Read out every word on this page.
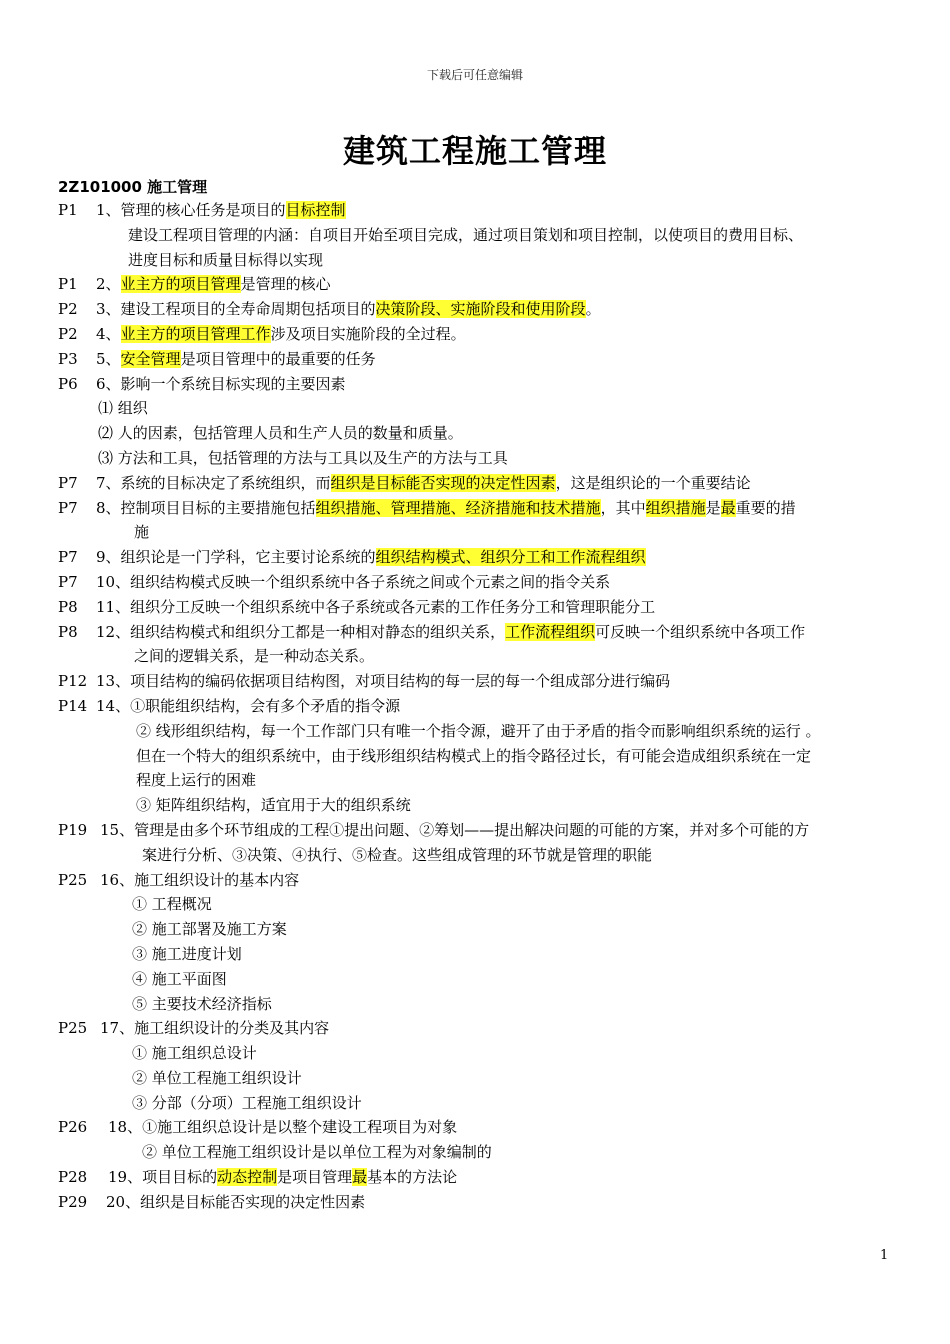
下载后可任意编辑
建筑工程施工管理
2Z101000 施工管理
P1 1、管理的核心任务是项目的目标控制
建设工程项目管理的内涵：自项目开始至项目完成，通过项目策划和项目控制，以使项目的费用目标、
进度目标和质量目标得以实现
P1 2、业主方的项目管理是管理的核心
P2 3、建设工程项目的全寿命周期包括项目的决策阶段、实施阶段和使用阶段。
P2 4、业主方的项目管理工作涉及项目实施阶段的全过程。
P3 5、安全管理是项目管理中的最重要的任务
P6 6、影响一个系统目标实现的主要因素
⑴ 组织
⑵ 人的因素，包括管理人员和生产人员的数量和质量。
⑶ 方法和工具，包括管理的方法与工具以及生产的方法与工具
P7 7、系统的目标决定了系统组织，而组织是目标能否实现的决定性因素，这是组织论的一个重要结论
P7 8、控制项目目标的主要措施包括组织措施、管理措施、经济措施和技术措施，其中组织措施是最重要的措
施
P7 9、组织论是一门学科，它主要讨论系统的组织结构模式、组织分工和工作流程组织
P7 10、组织结构模式反映一个组织系统中各子系统之间或个元素之间的指令关系
P8 11、组织分工反映一个组织系统中各子系统或各元素的工作任务分工和管理职能分工
P8 12、组织结构模式和组织分工都是一种相对静态的组织关系，工作流程组织可反映一个组织系统中各项工作
之间的逻辑关系，是一种动态关系。
P12 13、项目结构的编码依据项目结构图，对项目结构的每一层的每一个组成部分进行编码
P14 14、①职能组织结构，会有多个矛盾的指令源
② 线形组织结构，每一个工作部门只有唯一个指令源，避开了由于矛盾的指令而影响组织系统的运行 。
但在一个特大的组织系统中，由于线形组织结构模式上的指令路径过长，有可能会造成组织系统在一定
程度上运行的困难
③ 矩阵组织结构，适宜用于大的组织系统
P19 15、管理是由多个环节组成的工程①提出问题、②筹划——提出解决问题的可能的方案，并对多个可能的方
案进行分析、③决策、④执行、⑤检查。这些组成管理的环节就是管理的职能
P25 16、施工组织设计的基本内容
① 工程概况
② 施工部署及施工方案
③ 施工进度计划
④ 施工平面图
⑤ 主要技术经济指标
P25 17、施工组织设计的分类及其内容
① 施工组织总设计
② 单位工程施工组织设计
③ 分部（分项）工程施工组织设计
P26 18、①施工组织总设计是以整个建设工程项目为对象
② 单位工程施工组织设计是以单位工程为对象编制的
P28 19、项目目标的动态控制是项目管理最基本的方法论
P29 20、组织是目标能否实现的决定性因素
1
